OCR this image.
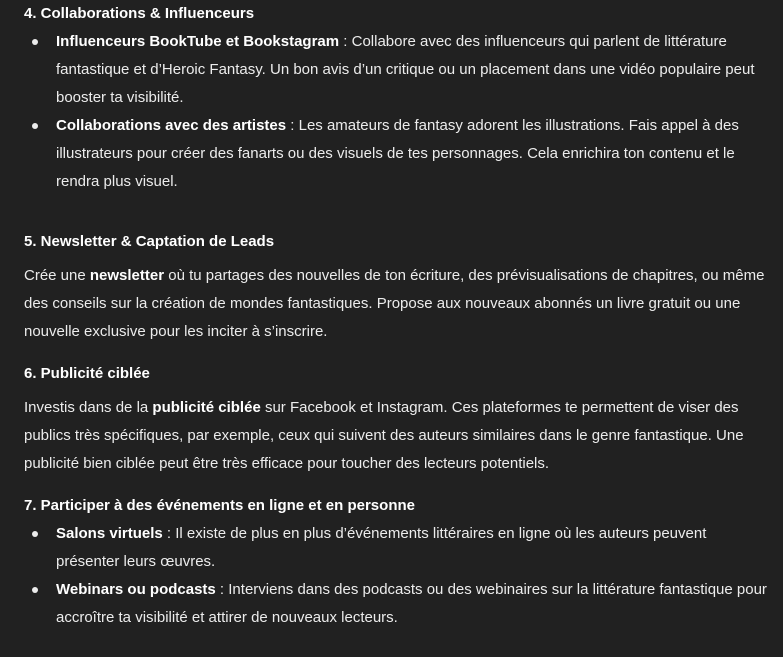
4. Collaborations & Influenceurs

Influenceurs BookTube et Bookstagram : Collabore avec des influenceurs qui parlent de littérature fantastique et d’Heroic Fantasy. Un bon avis d’un critique ou un placement dans une vidéo populaire peut booster ta visibilité.
Collaborations avec des artistes : Les amateurs de fantasy adorent les illustrations. Fais appel à des illustrateurs pour créer des fanarts ou des visuels de tes personnages. Cela enrichira ton contenu et le rendra plus visuel.

5. Newsletter & Captation de Leads

Crée une newsletter où tu partages des nouvelles de ton écriture, des prévisualisations de chapitres, ou même des conseils sur la création de mondes fantastiques. Propose aux nouveaux abonnés un livre gratuit ou une nouvelle exclusive pour les inciter à s’inscrire.

6. Publicité ciblée

Investis dans de la publicité ciblée sur Facebook et Instagram. Ces plateformes te permettent de viser des publics très spécifiques, par exemple, ceux qui suivent des auteurs similaires dans le genre fantastique. Une publicité bien ciblée peut être très efficace pour toucher des lecteurs potentiels.

7. Participer à des événements en ligne et en personne

Salons virtuels : Il existe de plus en plus d’événements littéraires en ligne où les auteurs peuvent présenter leurs œuvres.
Webinars ou podcasts : Interviens dans des podcasts ou des webinaires sur la littérature fantastique pour accroître ta visibilité et attirer de nouveaux lecteurs.
